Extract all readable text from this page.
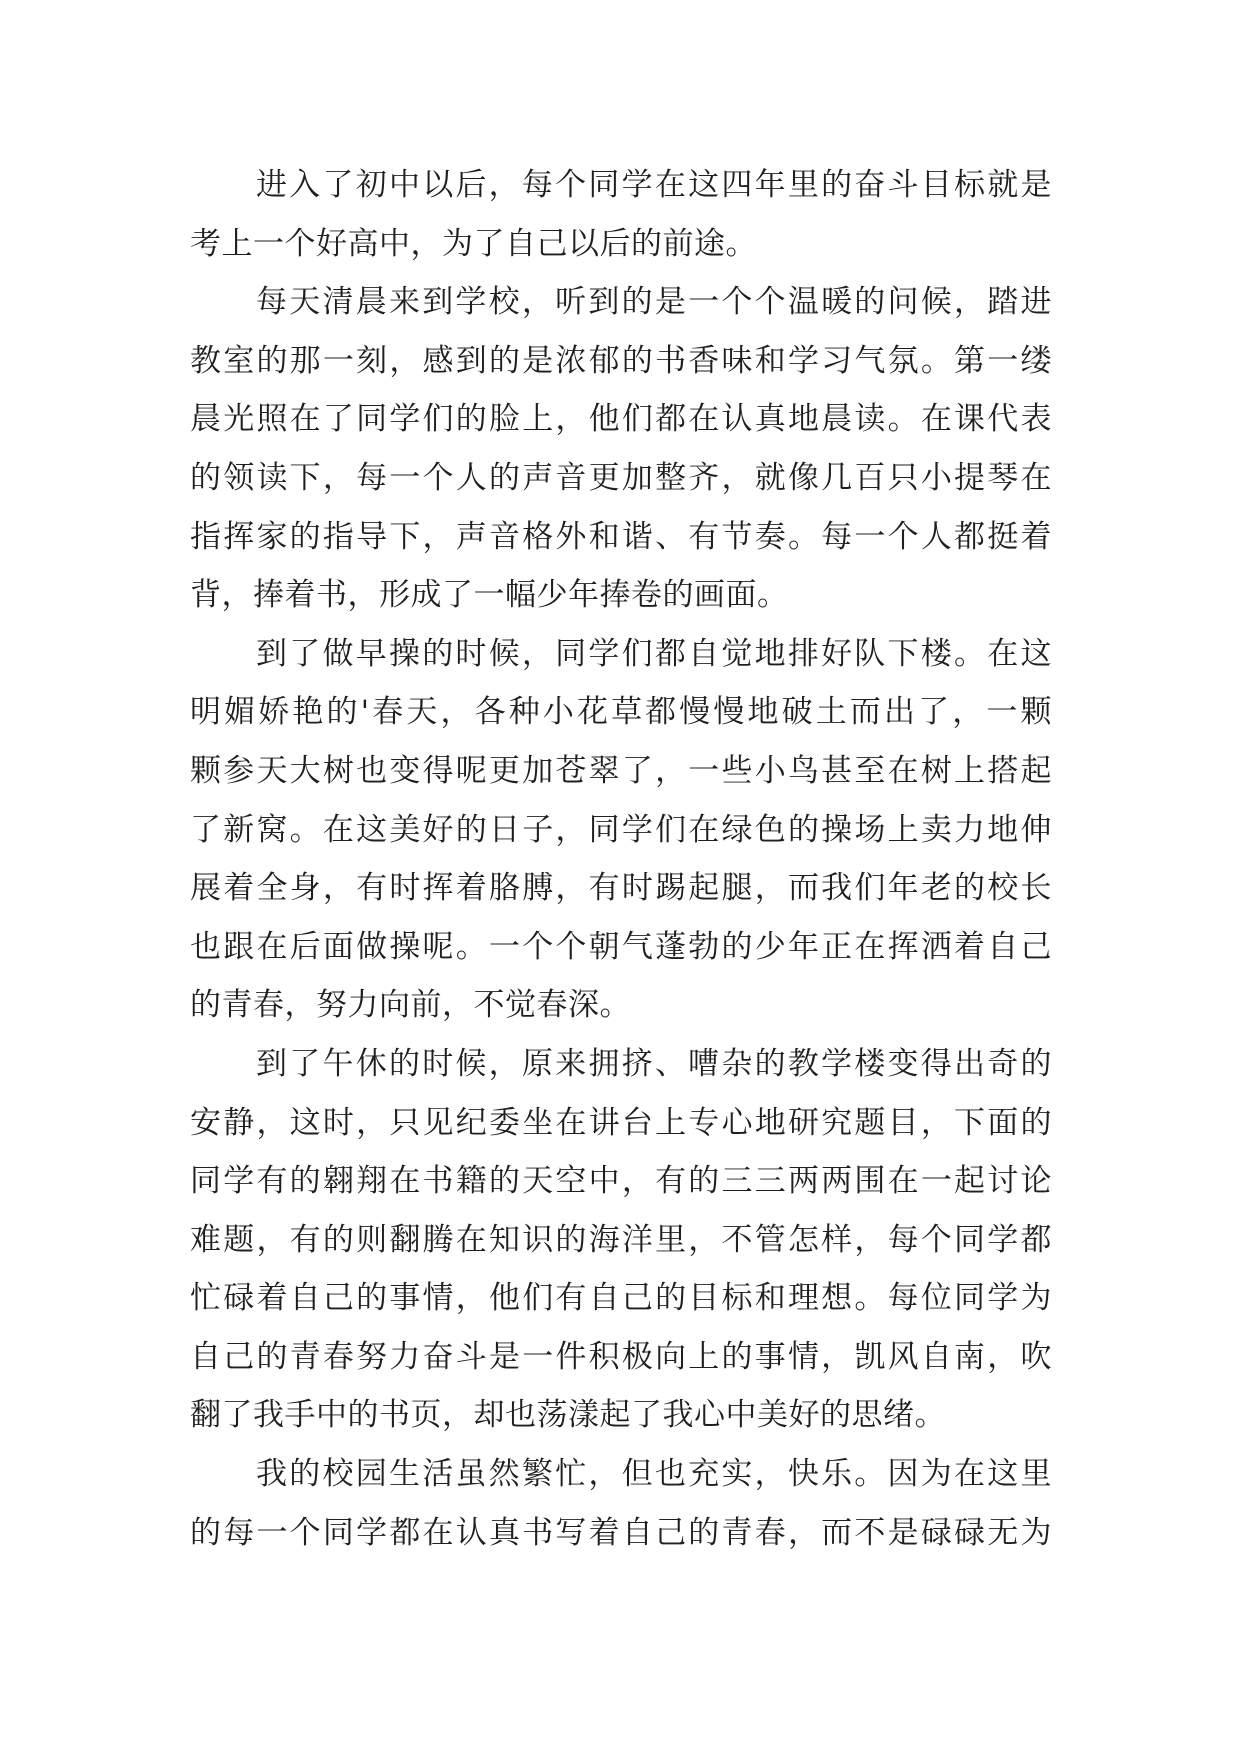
进入了初中以后，每个同学在这四年里的奋斗目标就是
考上一个好高中，为了自己以后的前途。
每天清晨来到学校，听到的是一个个温暖的问候，踏进
教室的那一刻，感到的是浓郁的书香味和学习气氛。第一缕
晨光照在了同学们的脸上，他们都在认真地晨读。在课代表
的领读下，每一个人的声音更加整齐，就像几百只小提琴在
指挥家的指导下，声音格外和谐、有节奏。每一个人都挺着
背，捧着书，形成了一幅少年捧卷的画面。
到了做早操的时候，同学们都自觉地排好队下楼。在这
明媚娇艳的'春天，各种小花草都慢慢地破土而出了，一颗
颗参天大树也变得呢更加苍翠了，一些小鸟甚至在树上搭起
了新窝。在这美好的日子，同学们在绿色的操场上卖力地伸
展着全身，有时挥着胳膊，有时踢起腿，而我们年老的校长
也跟在后面做操呢。一个个朝气蓬勃的少年正在挥洒着自己
的青春，努力向前，不觉春深。
到了午休的时候，原来拥挤、嘈杂的教学楼变得出奇的
安静，这时，只见纪委坐在讲台上专心地研究题目，下面的
同学有的翱翔在书籍的天空中，有的三三两两围在一起讨论
难题，有的则翻腾在知识的海洋里，不管怎样，每个同学都
忙碌着自己的事情，他们有自己的目标和理想。每位同学为
自己的青春努力奋斗是一件积极向上的事情，凯风自南，吹
翻了我手中的书页，却也荡漾起了我心中美好的思绪。
我的校园生活虽然繁忙，但也充实，快乐。因为在这里
的每一个同学都在认真书写着自己的青春，而不是碌碌无为
